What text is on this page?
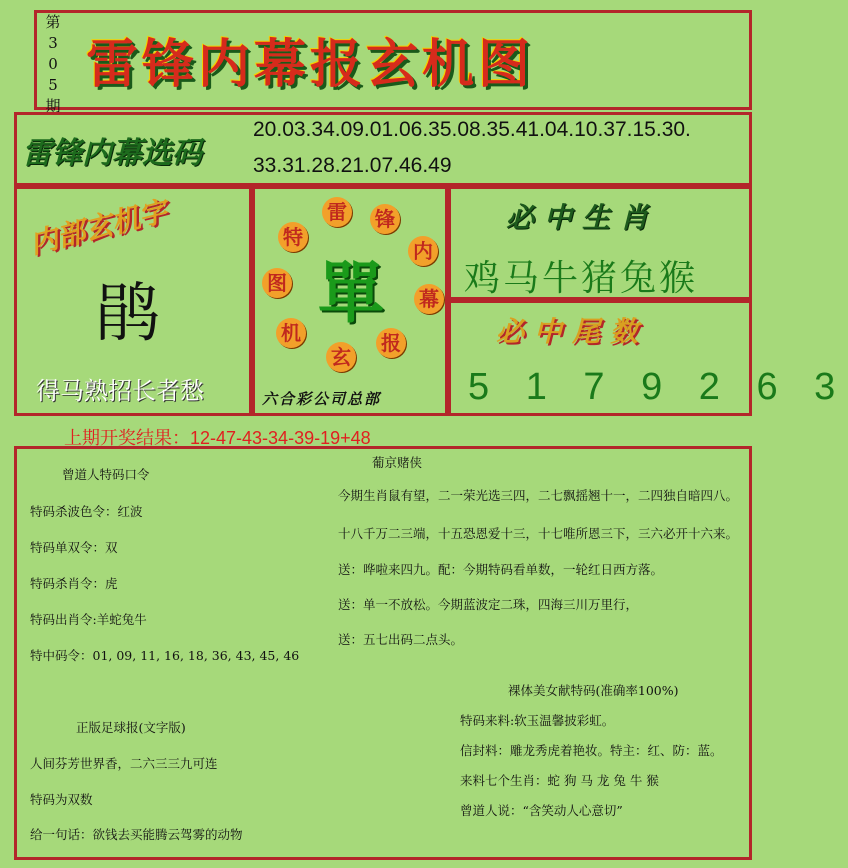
第
3
0
5
期
雷锋内幕报玄机图
雷锋内幕选码
20.03.34.09.01.06.35.08.35.41.04.10.37.15.30.
33.31.28.21.07.46.49
内部玄机字
鹃
得马熟招长者愁
雷 锋
内
幕
报
玄
机
图
特
單
六合彩公司总部
必中生肖
鸡马牛猪兔猴
必中尾数
5 1 7 9 2 6 3
上期开奖结果：12-47-43-34-39-19+48
曾道人特码口令
特码杀波色令：红波
特码单双令：双
特码杀肖令：虎
特码出肖令:羊蛇兔牛
特中码令：01, 09, 11, 16, 18, 36, 43, 45, 46
葡京赌侠
今期生肖鼠有望，二一荣光选三四，二七飘摇翘十一，二四独自暗四八。
十八千万二三端，十五恐恩爱十三，十七唯所恩三下，三六必开十六来。
送：哗啦来四九。配：今期特码看单数，一轮红日西方落。
送：单一不放松。今期蓝波定二珠，四海三川万里行，
送：五七出码二点头。
正版足球报(文字版)
人间芬芳世界香，二六三三九可连
特码为双数
给一句话：欲钱去买能腾云驾雾的动物
裸体美女献特码(准确率100%)
特码来料:软玉温馨披彩虹。
信封料：雕龙秀虎着艳妆。特主：红、防：蓝。
来料七个生肖：蛇 狗 马 龙 兔 牛 猴
曾道人说：“含笑动人心意切”
